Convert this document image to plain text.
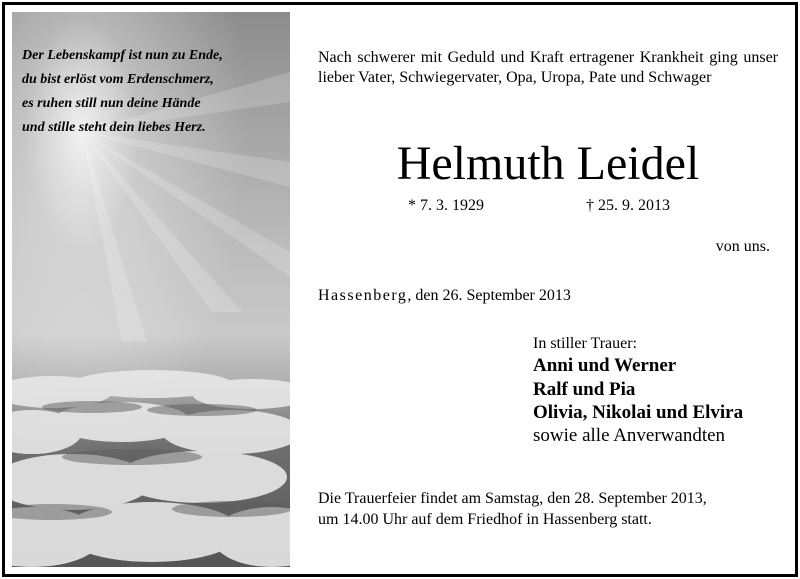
Der Lebenskampf ist nun zu Ende,
du bist erlöst vom Erdenschmerz,
es ruhen still nun deine Hände
und stille steht dein liebes Herz.
Nach schwerer mit Geduld und Kraft ertragener Krankheit ging unser lieber Vater, Schwiegervater, Opa, Uropa, Pate und Schwager
Helmuth Leidel
* 7. 3. 1929	† 25. 9. 2013
von uns.
Hassenberg, den 26. September 2013
In stiller Trauer:
Anni und Werner
Ralf und Pia
Olivia, Nikolai und Elvira
sowie alle Anverwandten
Die Trauerfeier findet am Samstag, den 28. September 2013,
um 14.00 Uhr auf dem Friedhof in Hassenberg statt.
